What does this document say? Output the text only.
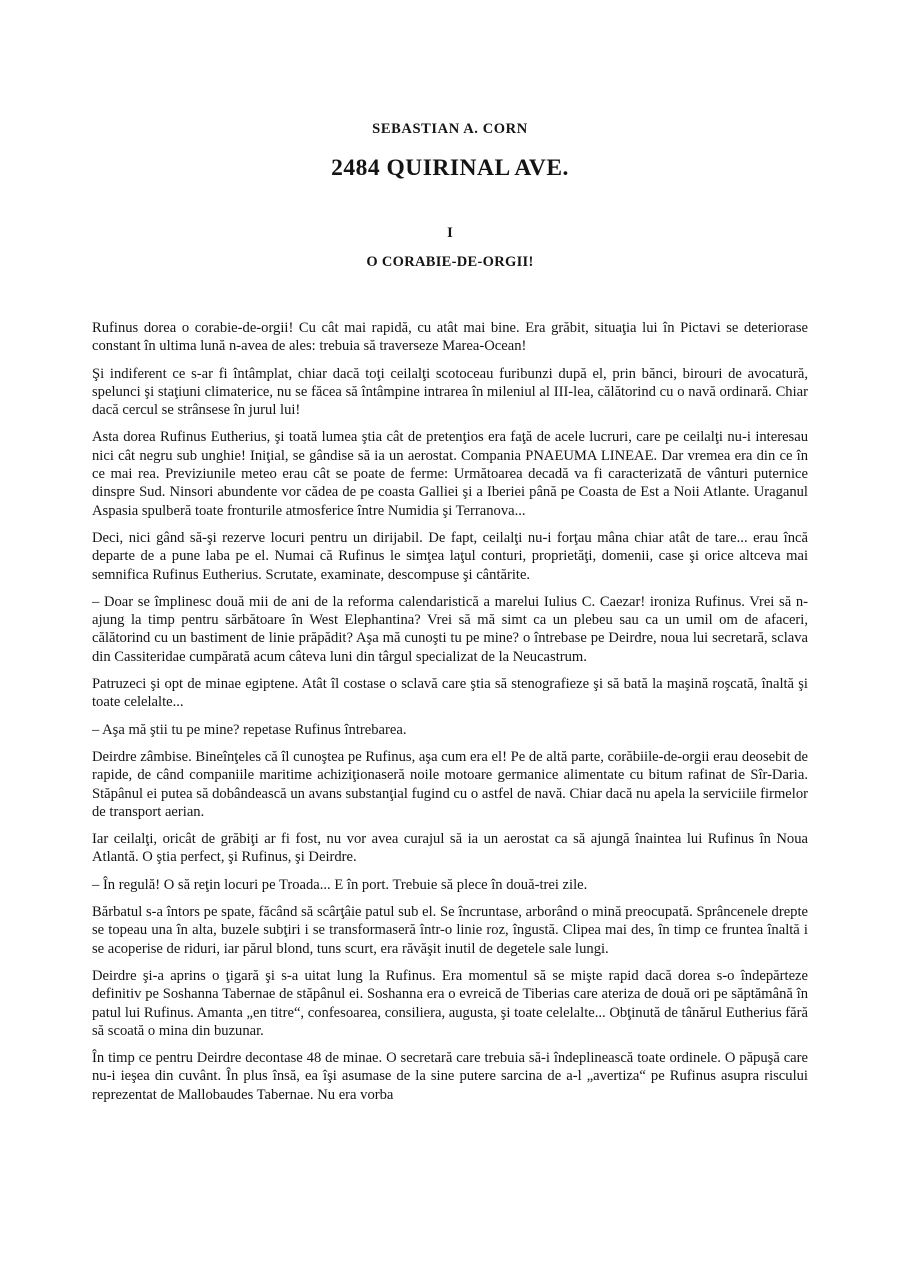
SEBASTIAN A. CORN
2484 QUIRINAL AVE.
I
O CORABIE-DE-ORGII!

Rufinus dorea o corabie-de-orgii! Cu cât mai rapidă, cu atât mai bine. Era grăbit, situaţia lui în Pictavi se deteriorase constant în ultima lună n-avea de ales: trebuia să traverseze Marea-Ocean!

Şi indiferent ce s-ar fi întâmplat, chiar dacă toţi ceilalţi scotoceau furibunzi după el, prin bănci, birouri de avocatură, spelunci şi staţiuni climaterice, nu se făcea să întâmpine intrarea în mileniul al III-lea, călătorind cu o navă ordinară. Chiar dacă cercul se strânsese în jurul lui!

Asta dorea Rufinus Eutherius, şi toată lumea ştia cât de pretenţios era faţă de acele lucruri, care pe ceilalţi nu-i interesau nici cât negru sub unghie! Iniţial, se gândise să ia un aerostat. Compania PNAEUMA LINEAE. Dar vremea era din ce în ce mai rea. Previziunile meteo erau cât se poate de ferme: Următoarea decadă va fi caracterizată de vânturi puternice dinspre Sud. Ninsori abundente vor cădea de pe coasta Galliei şi a Iberiei până pe Coasta de Est a Noii Atlante. Uraganul Aspasia spulberă toate fronturile atmosferice între Numidia şi Terranova...

Deci, nici gând să-şi rezerve locuri pentru un dirijabil. De fapt, ceilalţi nu-i forţau mâna chiar atât de tare... erau încă departe de a pune laba pe el. Numai că Rufinus le simţea laţul conturi, proprietăţi, domenii, case şi orice altceva mai semnifica Rufinus Eutherius. Scrutate, examinate, descompuse şi cântărite.

– Doar se împlinesc două mii de ani de la reforma calendaristică a marelui Iulius C. Caezar! ironiza Rufinus. Vrei să n-ajung la timp pentru sărbătoare în West Elephantina? Vrei să mă simt ca un plebeu sau ca un umil om de afaceri, călătorind cu un bastiment de linie prăpădit? Aşa mă cunoşti tu pe mine? o întrebase pe Deirdre, noua lui secretară, sclava din Cassiteridae cumpărată acum câteva luni din târgul specializat de la Neucastrum.

Patruzeci şi opt de minae egiptene. Atât îl costase o sclavă care ştia să stenografieze şi să bată la maşină roşcată, înaltă şi toate celelalte...

– Aşa mă ştii tu pe mine? repetase Rufinus întrebarea.

Deirdre zâmbise. Bineînţeles că îl cunoştea pe Rufinus, aşa cum era el! Pe de altă parte, corăbiile-de-orgii erau deosebit de rapide, de când companiile maritime achiziţionaseră noile motoare germanice alimentate cu bitum rafinat de Sîr-Daria. Stăpânul ei putea să dobândească un avans substanţial fugind cu o astfel de navă. Chiar dacă nu apela la serviciile firmelor de transport aerian.

Iar ceilalţi, oricât de grăbiţi ar fi fost, nu vor avea curajul să ia un aerostat ca să ajungă înaintea lui Rufinus în Noua Atlantă. O ştia perfect, şi Rufinus, şi Deirdre.

– În regulă! O să reţin locuri pe Troada... E în port. Trebuie să plece în două-trei zile.

Bărbatul s-a întors pe spate, făcând să scârţâie patul sub el. Se încruntase, arborând o mină preocupată. Sprâncenele drepte se topeau una în alta, buzele subţiri i se transformaseră într-o linie roz, îngustă. Clipea mai des, în timp ce fruntea înaltă i se acoperise de riduri, iar părul blond, tuns scurt, era răvăşit inutil de degetele sale lungi.

Deirdre şi-a aprins o ţigară şi s-a uitat lung la Rufinus. Era momentul să se mişte rapid dacă dorea s-o îndepărteze definitiv pe Soshanna Tabernae de stăpânul ei. Soshanna era o evreică de Tiberias care ateriza de două ori pe săptămână în patul lui Rufinus. Amanta „en titre“, confesoarea, consiliera, augusta, şi toate celelalte... Obţinută de tânărul Eutherius fără să scoată o mina din buzunar.

În timp ce pentru Deirdre decontase 48 de minae. O secretară care trebuia să-i îndeplinească toate ordinele. O păpuşă care nu-i ieşea din cuvânt. În plus însă, ea îşi asumase de la sine putere sarcina de a-l „avertiza“ pe Rufinus asupra riscului reprezentat de Mallobaudes Tabernae. Nu era vorba
